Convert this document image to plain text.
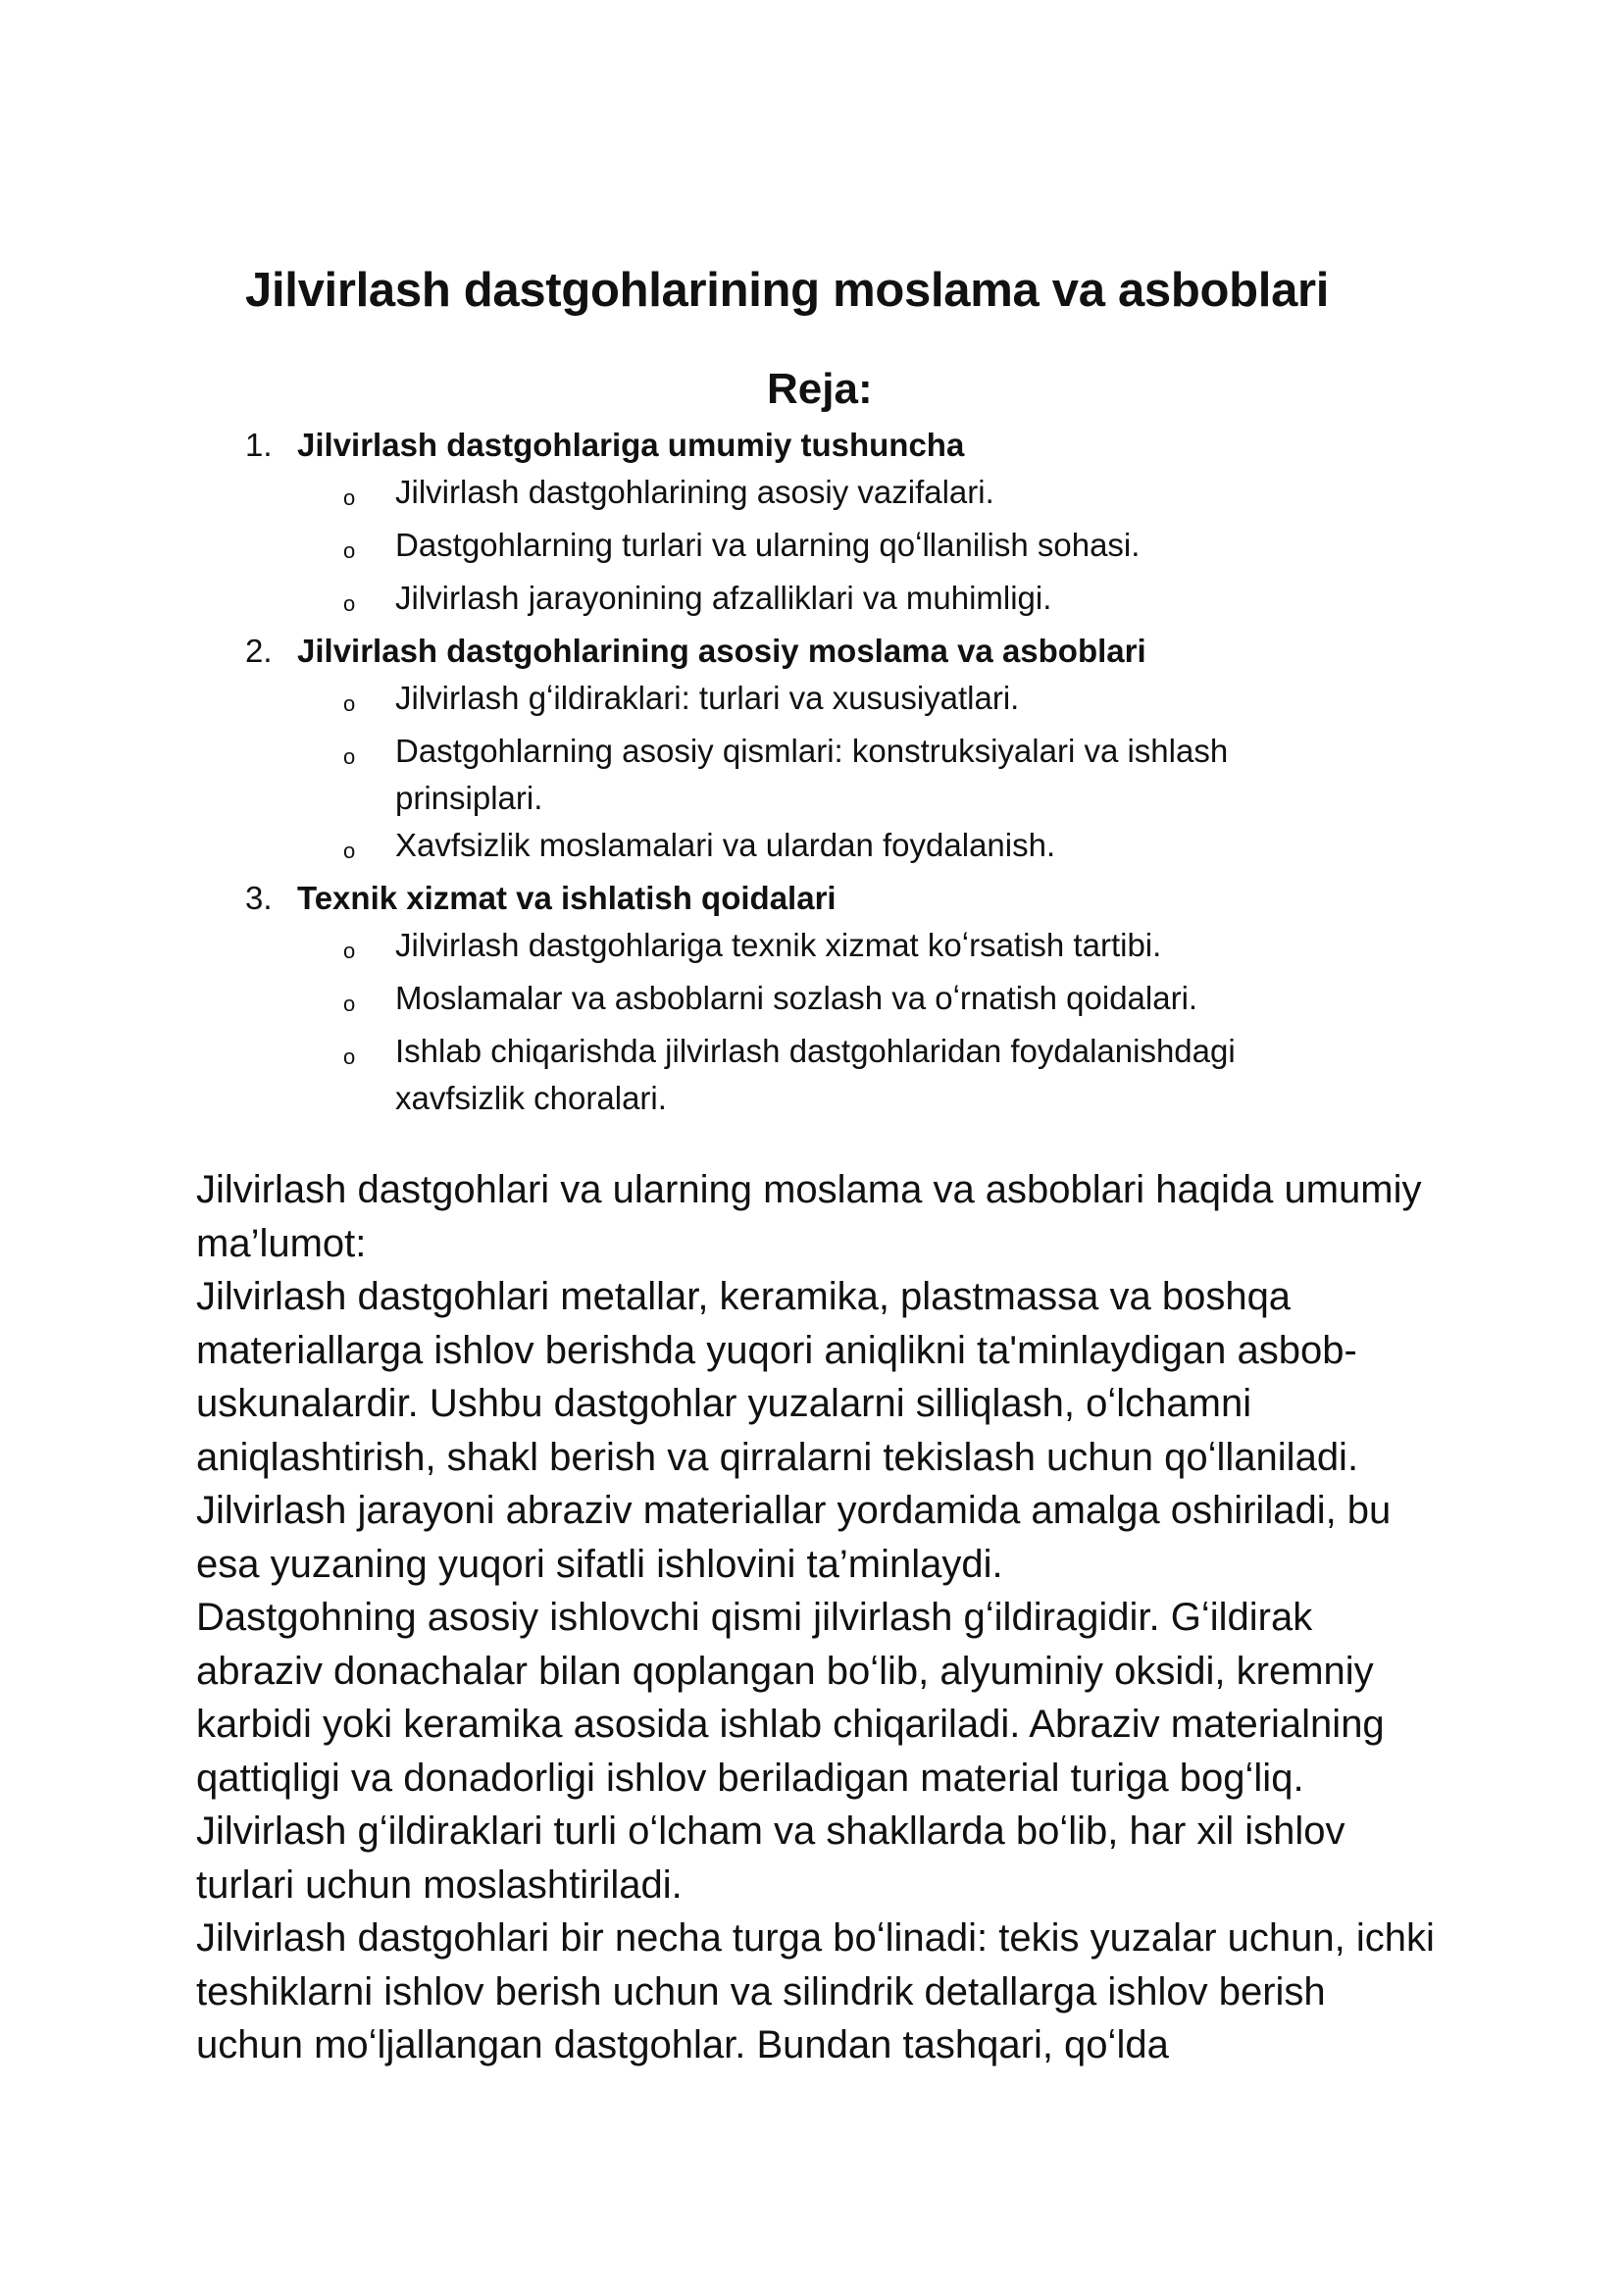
Jilvirlash dastgohlarining moslama va asboblari
Reja:
1. Jilvirlash dastgohlariga umumiy tushuncha
o	Jilvirlash dastgohlarining asosiy vazifalari.
o	Dastgohlarning turlari va ularning qoʻllanilish sohasi.
o	Jilvirlash jarayonining afzalliklari va muhimligi.
2. Jilvirlash dastgohlarining asosiy moslama va asboblari
o	Jilvirlash gʻildiraklari: turlari va xususiyatlari.
o	Dastgohlarning asosiy qismlari: konstruksiyalari va ishlash prinsiplari.
o	Xavfsizlik moslamalari va ulardan foydalanish.
3. Texnik xizmat va ishlatish qoidalari
o	Jilvirlash dastgohlariga texnik xizmat koʻrsatish tartibi.
o	Moslamalar va asboblarni sozlash va oʻrnatish qoidalari.
o	Ishlab chiqarishda jilvirlash dastgohlaridan foydalanishdagi xavfsizlik choralari.

Jilvirlash dastgohlari va ularning moslama va asboblari haqida umumiy ma’lumot:

Jilvirlash dastgohlari metallar, keramika, plastmassa va boshqa materiallarga ishlov berishda yuqori aniqlikni ta'minlaydigan asbob-uskunalardir. Ushbu dastgohlar yuzalarni silliqlash, oʻlchamni aniqlashtirish, shakl berish va qirralarni tekislash uchun qoʻllaniladi. Jilvirlash jarayoni abraziv materiallar yordamida amalga oshiriladi, bu esa yuzaning yuqori sifatli ishlovini ta’minlaydi.

Dastgohning asosiy ishlovchi qismi jilvirlash gʻildiragidir. Gʻildirak abraziv donachalar bilan qoplangan boʻlib, alyuminiy oksidi, kremniy karbidi yoki keramika asosida ishlab chiqariladi. Abraziv materialning qattiqligi va donadorligi ishlov beriladigan material turiga bogʻliq. Jilvirlash gʻildiraklari turli oʻlcham va shakllarda boʻlib, har xil ishlov turlari uchun moslashtiriladi.

Jilvirlash dastgohlari bir necha turga boʻlinadi: tekis yuzalar uchun, ichki teshiklarni ishlov berish uchun va silindrik detallarga ishlov berish uchun moʻljallangan dastgohlar. Bundan tashqari, qoʻlda
